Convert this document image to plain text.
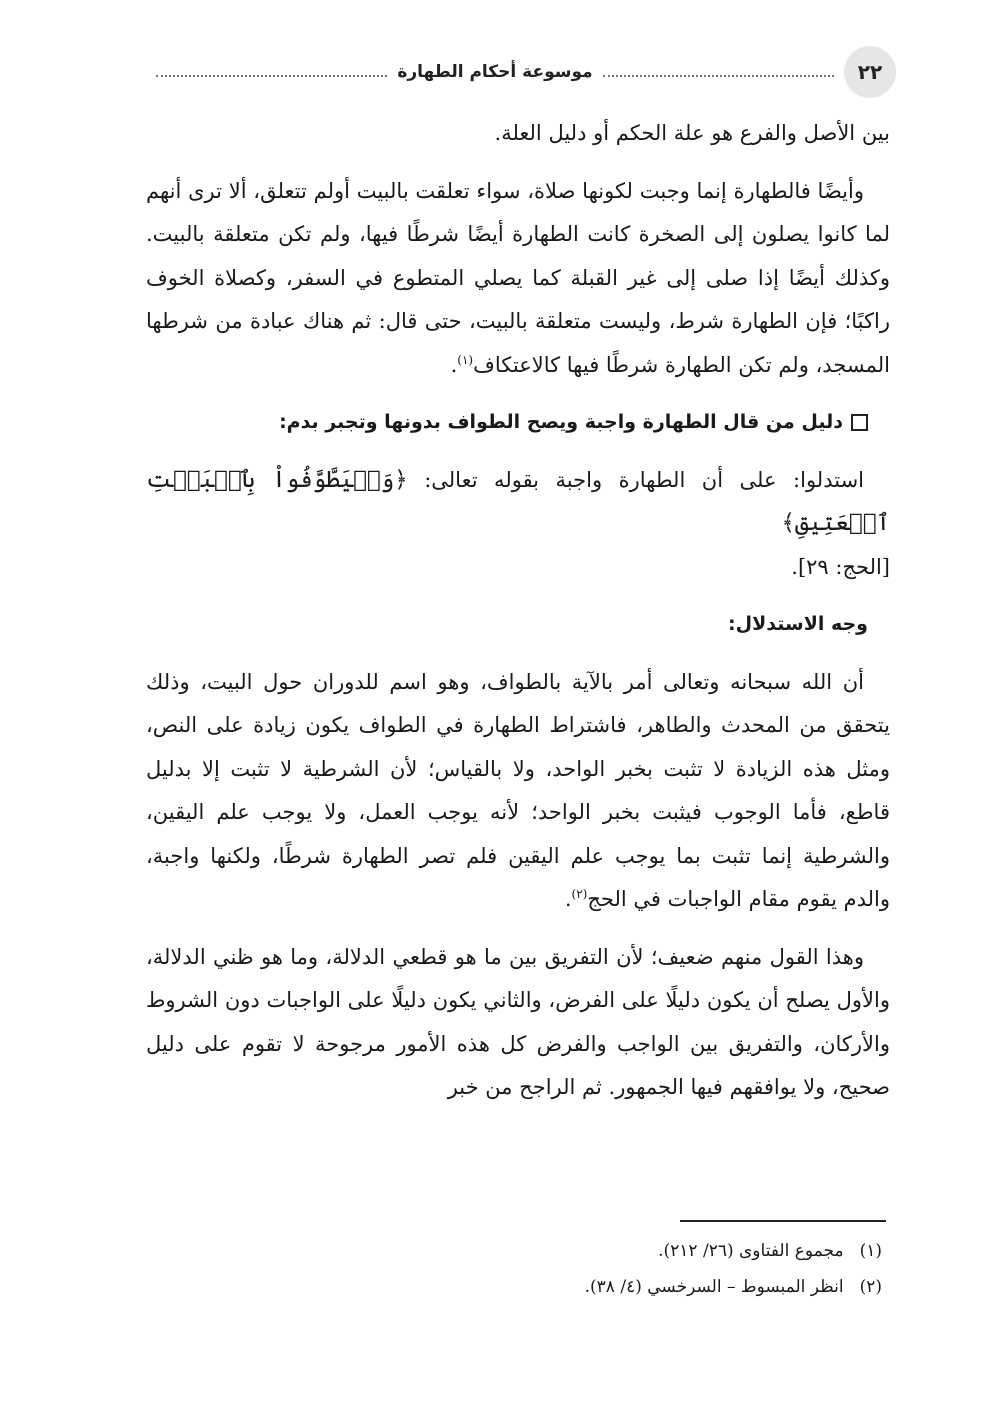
٢٢
موسوعة أحكام الطهارة

بين الأصل والفرع هو علة الحكم أو دليل العلة.

وأيضًا فالطهارة إنما وجبت لكونها صلاة، سواء تعلقت بالبيت أولم تتعلق، ألا ترى أنهم لما كانوا يصلون إلى الصخرة كانت الطهارة أيضًا شرطًا فيها، ولم تكن متعلقة بالبيت. وكذلك أيضًا إذا صلى إلى غير القبلة كما يصلي المتطوع في السفر، وكصلاة الخوف راكبًا؛ فإن الطهارة شرط، وليست متعلقة بالبيت، حتى قال: ثم هناك عبادة من شرطها المسجد، ولم تكن الطهارة شرطًا فيها كالاعتكاف$^{(١)}$.

دليل من قال الطهارة واجبة ويصح الطواف بدونها وتجبر بدم:

استدلوا: على أن الطهارة واجبة بقوله تعالى: ﴿وَلۡيَطَّوَّفُواْ بِٱلۡبَيۡتِ ٱلۡعَتِيقِ﴾

[الحج: ٢٩].

وجه الاستدلال:

أن الله سبحانه وتعالى أمر بالآية بالطواف، وهو اسم للدوران حول البيت، وذلك يتحقق من المحدث والطاهر، فاشتراط الطهارة في الطواف يكون زيادة على النص، ومثل هذه الزيادة لا تثبت بخبر الواحد، ولا بالقياس؛ لأن الشرطية لا تثبت إلا بدليل قاطع، فأما الوجوب فيثبت بخبر الواحد؛ لأنه يوجب العمل، ولا يوجب علم اليقين، والشرطية إنما تثبت بما يوجب علم اليقين فلم تصر الطهارة شرطًا، ولكنها واجبة، والدم يقوم مقام الواجبات في الحج$^{(٢)}$.

وهذا القول منهم ضعيف؛ لأن التفريق بين ما هو قطعي الدلالة، وما هو ظني الدلالة، والأول يصلح أن يكون دليلًا على الفرض، والثاني يكون دليلًا على الواجبات دون الشروط والأركان، والتفريق بين الواجب والفرض كل هذه الأمور مرجوحة لا تقوم على دليل صحيح، ولا يوافقهم فيها الجمهور. ثم الراجح من خبر

(١)مجموع الفتاوى (٢٦/ ٢١٢).

(٢)انظر المبسوط – السرخسي (٤/ ٣٨).
